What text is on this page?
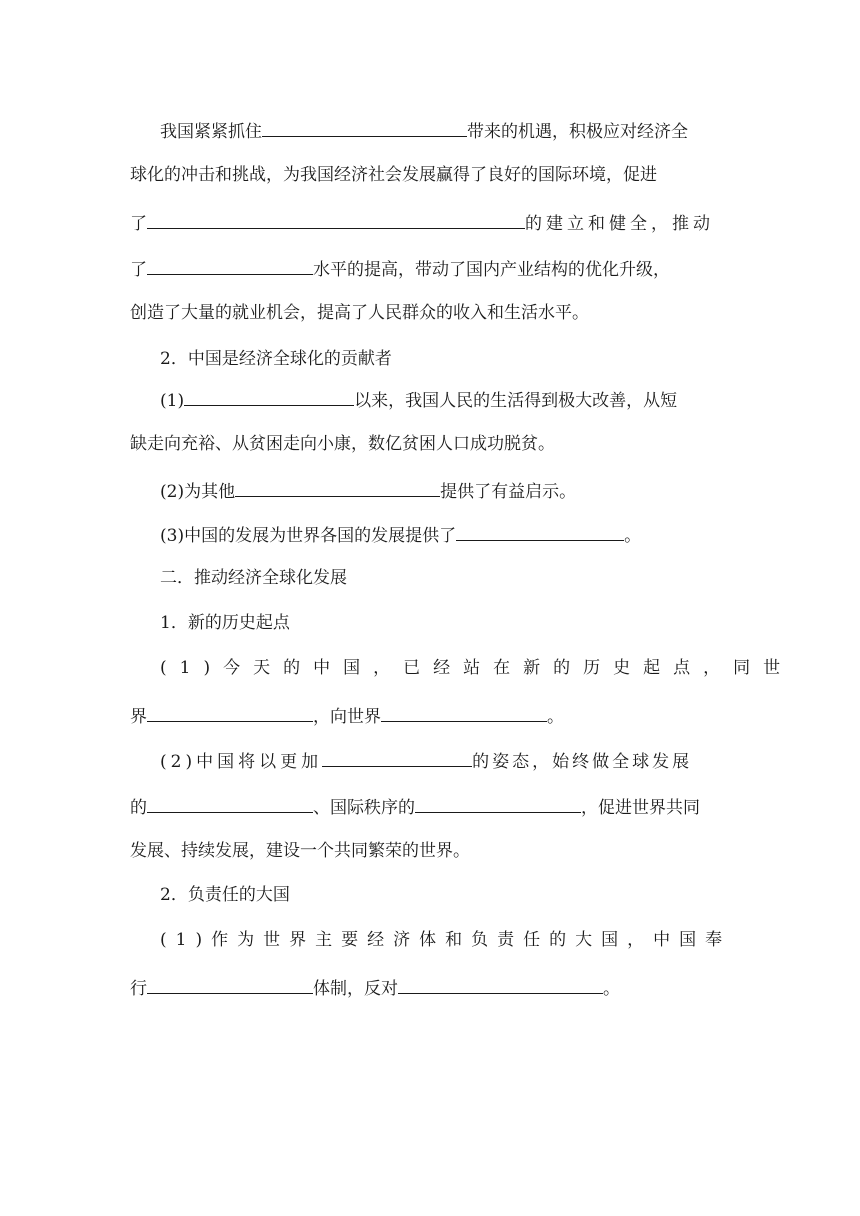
我国紧紧抓住	带来的机遇，积极应对经济全
球化的冲击和挑战，为我国经济社会发展赢得了良好的国际环境，促进
了	的建立和健全，推动
了	水平的提高，带动了国内产业结构的优化升级，
创造了大量的就业机会，提高了人民群众的收入和生活水平。
2．中国是经济全球化的贡献者
(1)	以来，我国人民的生活得到极大改善，从短
缺走向充裕、从贫困走向小康，数亿贫困人口成功脱贫。
(2)为其他	提供了有益启示。
(3)中国的发展为世界各国的发展提供了	。
二．推动经济全球化发展
1．新的历史起点
(1)今天的中国，已经站在新的历史起点，同世
界	，向世界	。
(2)中国将以更加	的姿态，始终做全球发展
的	、国际秩序的	，促进世界共同
发展、持续发展，建设一个共同繁荣的世界。
2．负责任的大国
(1)作为世界主要经济体和负责任的大国，中国奉
行	体制，反对	。
